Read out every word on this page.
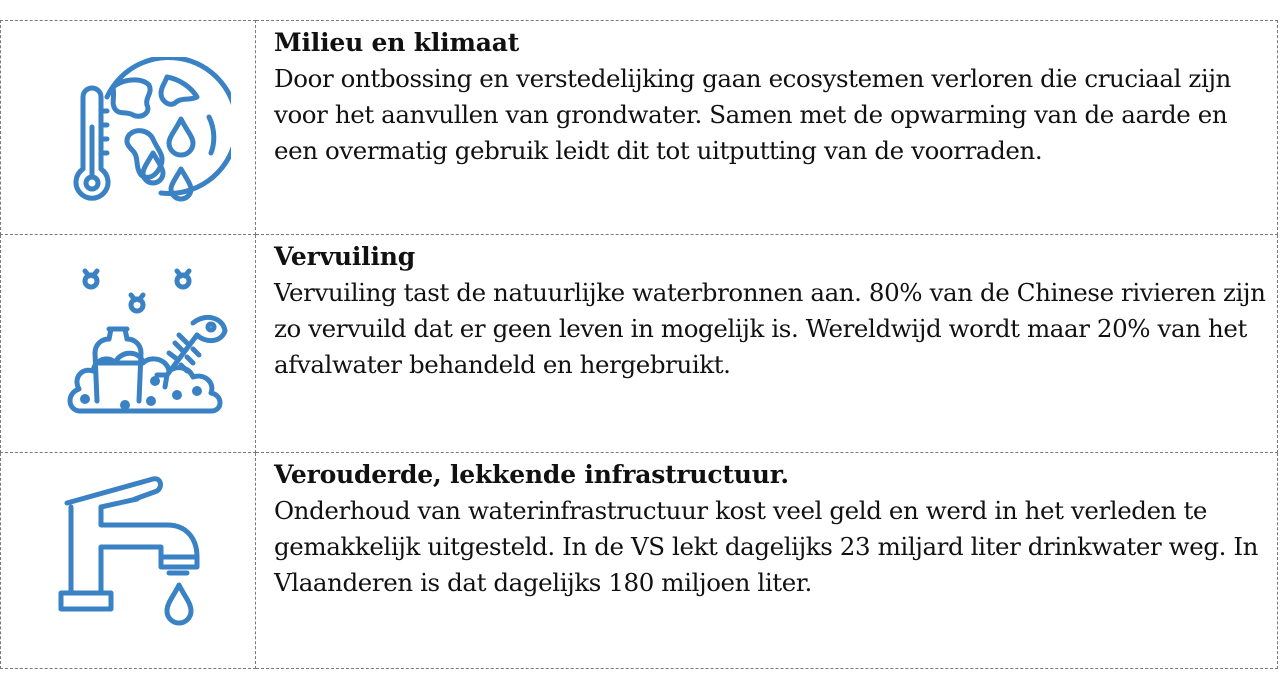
Milieu en klimaat

Door ontbossing en verstedelijking gaan ecosystemen verloren die cruciaal zijn voor het aanvullen van grondwater. Samen met de opwarming van de aarde en een overmatig gebruik leidt dit tot uitputting van de voorraden.

Vervuiling

Vervuiling tast de natuurlijke waterbronnen aan. 80% van de Chinese rivieren zijn zo vervuild dat er geen leven in mogelijk is. Wereldwijd wordt maar 20% van het afvalwater behandeld en hergebruikt.

Verouderde, lekkende infrastructuur.

Onderhoud van waterinfrastructuur kost veel geld en werd in het verleden te gemakkelijk uitgesteld. In de VS lekt dagelijks 23 miljard liter drinkwater weg. In Vlaanderen is dat dagelijks 180 miljoen liter.
